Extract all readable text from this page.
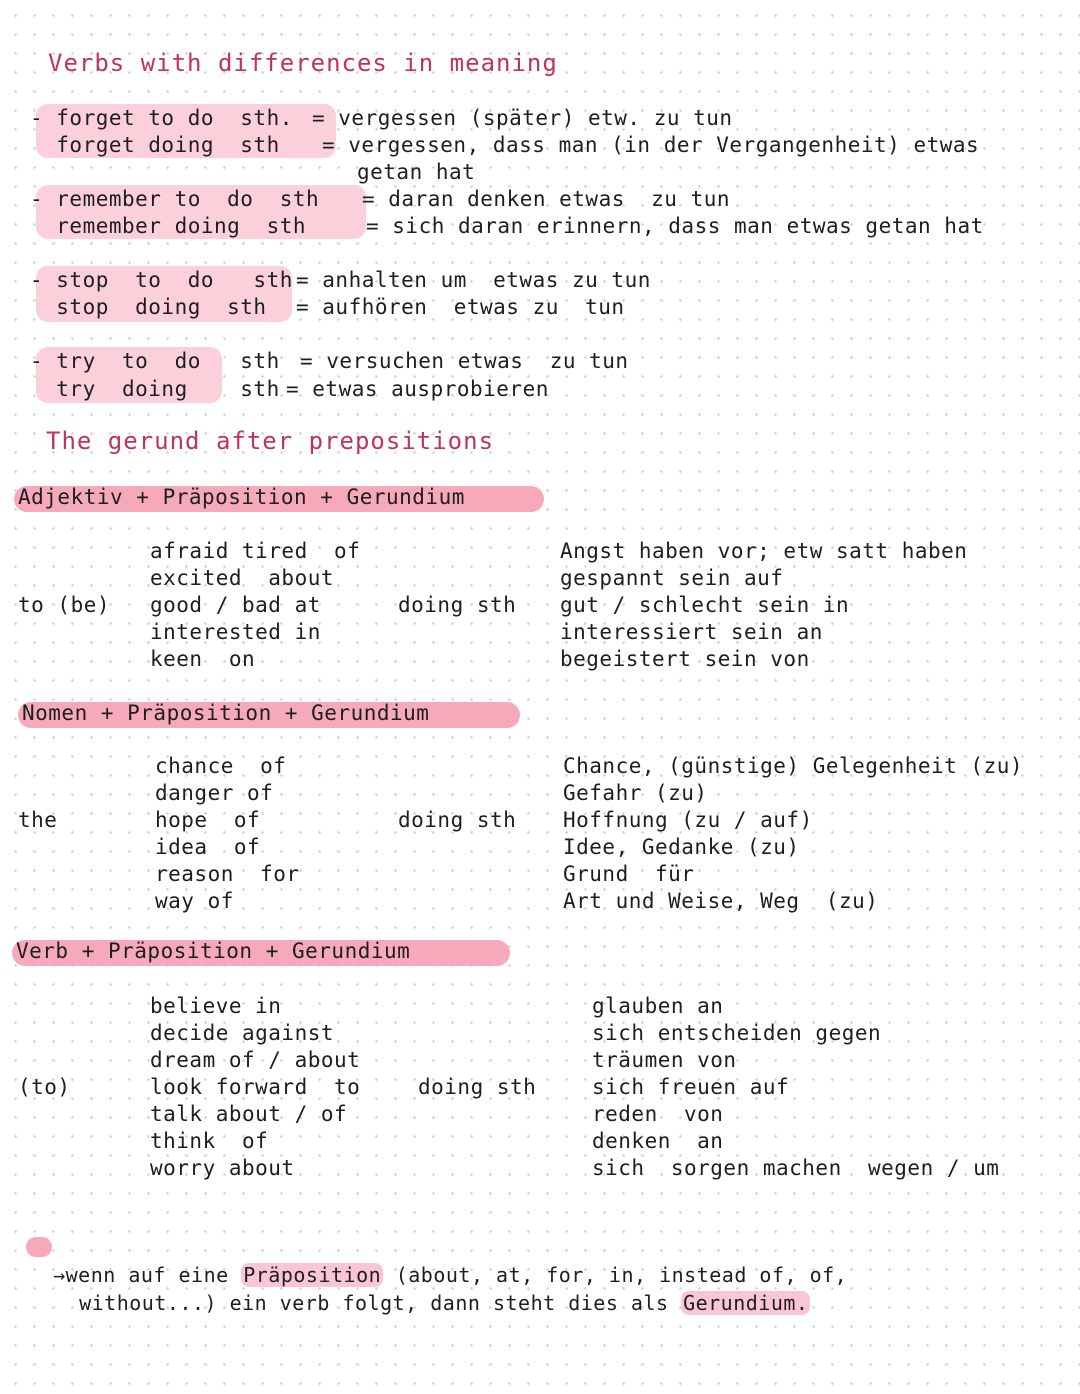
Verbs with differences in meaning
- forget to do  sth. = vergessen (später) etw. zu tun
forget doing  sth = vergessen, dass man (in der Vergangenheit) etwas
getan hat
- remember to  do  sth = daran denken etwas  zu tun
remember doing  sth	= sich daran erinnern, dass man etwas getan hat
- stop  to  do   sth = anhalten um  etwas zu tun
stop  doing  sth = aufhören  etwas zu  tun
- try  to  do   sth = versuchen etwas  zu tun
try  doing    sth = etwas ausprobieren
The gerund after prepositions
Adjektiv + Präposition + Gerundium
to (be)
afraid tired  of
excited  about
good / bad at
interested in
keen  on
doing sth
Angst haben vor; etw satt haben
gespannt sein auf
gut / schlecht sein in
interessiert sein an
begeistert sein von
Nomen + Präposition + Gerundium
the
chance  of
danger of
hope  of
idea  of
reason  for
way of
doing sth
Chance, (günstige) Gelegenheit (zu)
Gefahr (zu)
Hoffnung (zu / auf)
Idee, Gedanke (zu)
Grund  für
Art und Weise, Weg  (zu)
Verb + Präposition + Gerundium
(to)
believe in
decide against
dream of / about
look forward  to
talk about / of
think  of
worry about
doing sth
glauben an
sich entscheiden gegen
träumen von
sich freuen auf
reden  von
denken  an
sich  sorgen machen  wegen / um

→wenn auf eine Präposition (about, at, for, in, instead of, of,

without...) ein verb folgt, dann steht dies als Gerundium.
